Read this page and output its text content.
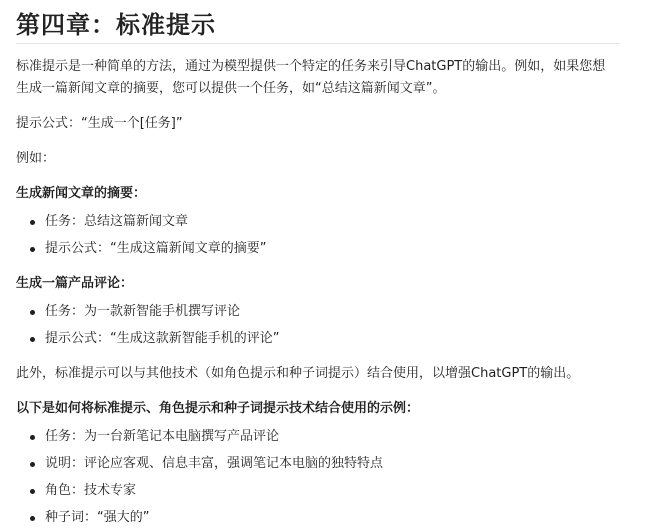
第四章：标准提示

标准提示是一种简单的方法，通过为模型提供一个特定的任务来引导ChatGPT的输出。例如，如果您想生成一篇新闻文章的摘要，您可以提供一个任务，如“总结这篇新闻文章”。

提示公式：“生成一个[任务]”

例如：

生成新闻文章的摘要：

任务：总结这篇新闻文章
提示公式：“生成这篇新闻文章的摘要”

生成一篇产品评论：

任务：为一款新智能手机撰写评论
提示公式：“生成这款新智能手机的评论”

此外，标准提示可以与其他技术（如角色提示和种子词提示）结合使用，以增强ChatGPT的输出。

以下是如何将标准提示、角色提示和种子词提示技术结合使用的示例：

任务：为一台新笔记本电脑撰写产品评论
说明：评论应客观、信息丰富，强调笔记本电脑的独特特点
角色：技术专家
种子词：“强大的”
